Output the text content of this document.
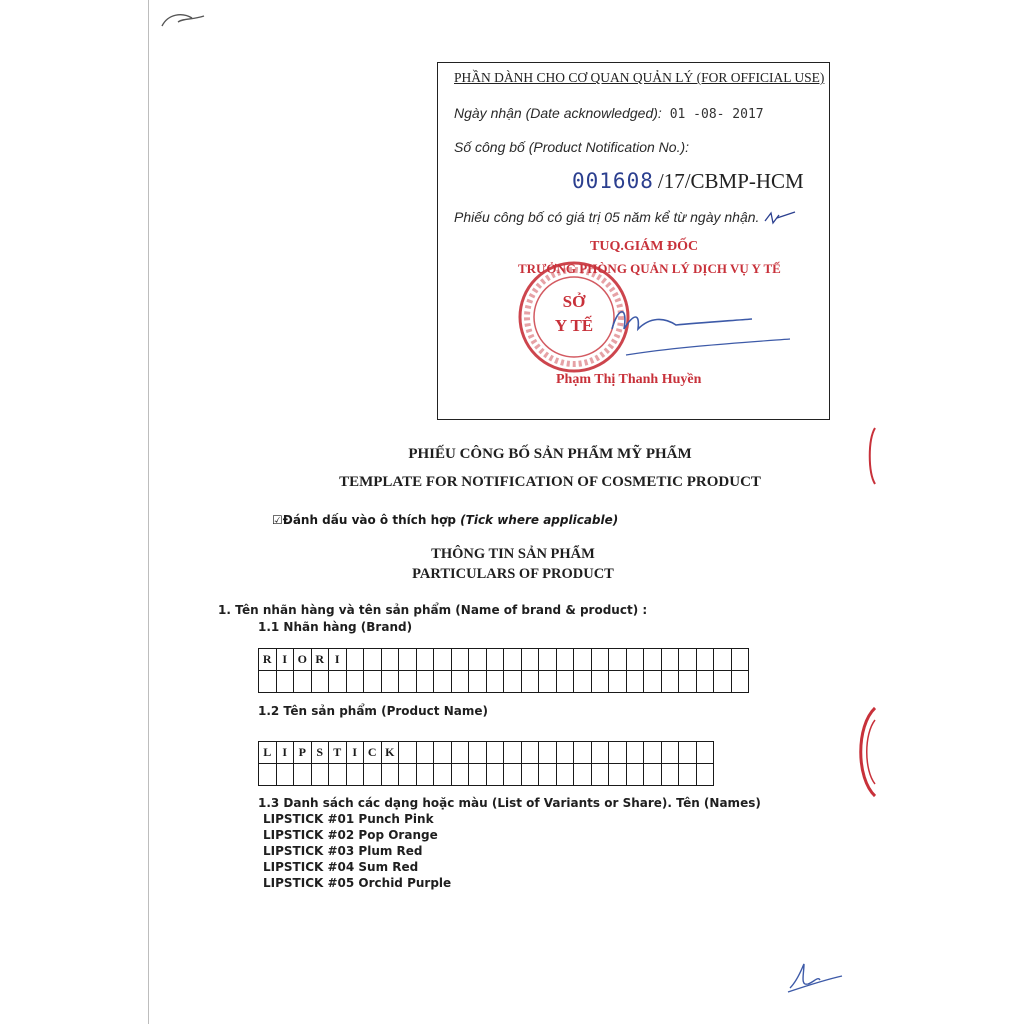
PHẦN DÀNH CHO CƠ QUAN QUẢN LÝ (FOR OFFICIAL USE)
Ngày nhận (Date acknowledged): 01 -08- 2017
Số công bố (Product Notification No.):
001608 /17/CBMP-HCM
Phiếu công bố có giá trị 05 năm kể từ ngày nhận.
SỞ
Y TẾ
TUQ.GIÁM ĐỐC
TRƯỞNG PHÒNG QUẢN LÝ DỊCH VỤ Y TẾ
Phạm Thị Thanh Huyền
PHIẾU CÔNG BỐ SẢN PHẨM MỸ PHẨM
TEMPLATE FOR NOTIFICATION OF COSMETIC PRODUCT
☑Đánh dấu vào ô thích hợp (Tick where applicable)
THÔNG TIN SẢN PHẨM
PARTICULARS OF PRODUCT
1. Tên nhãn hàng và tên sản phẩm (Name of brand & product) :
1.1 Nhãn hàng (Brand)
R	I	O	R	I																							

1.2 Tên sản phẩm (Product Name)
L	I	P	S	T	I	C	K																		

1.3 Danh sách các dạng hoặc màu (List of Variants or Share). Tên (Names)
LIPSTICK #01 Punch Pink
LIPSTICK #02 Pop Orange
LIPSTICK #03 Plum Red
LIPSTICK #04 Sum Red
LIPSTICK #05 Orchid Purple
